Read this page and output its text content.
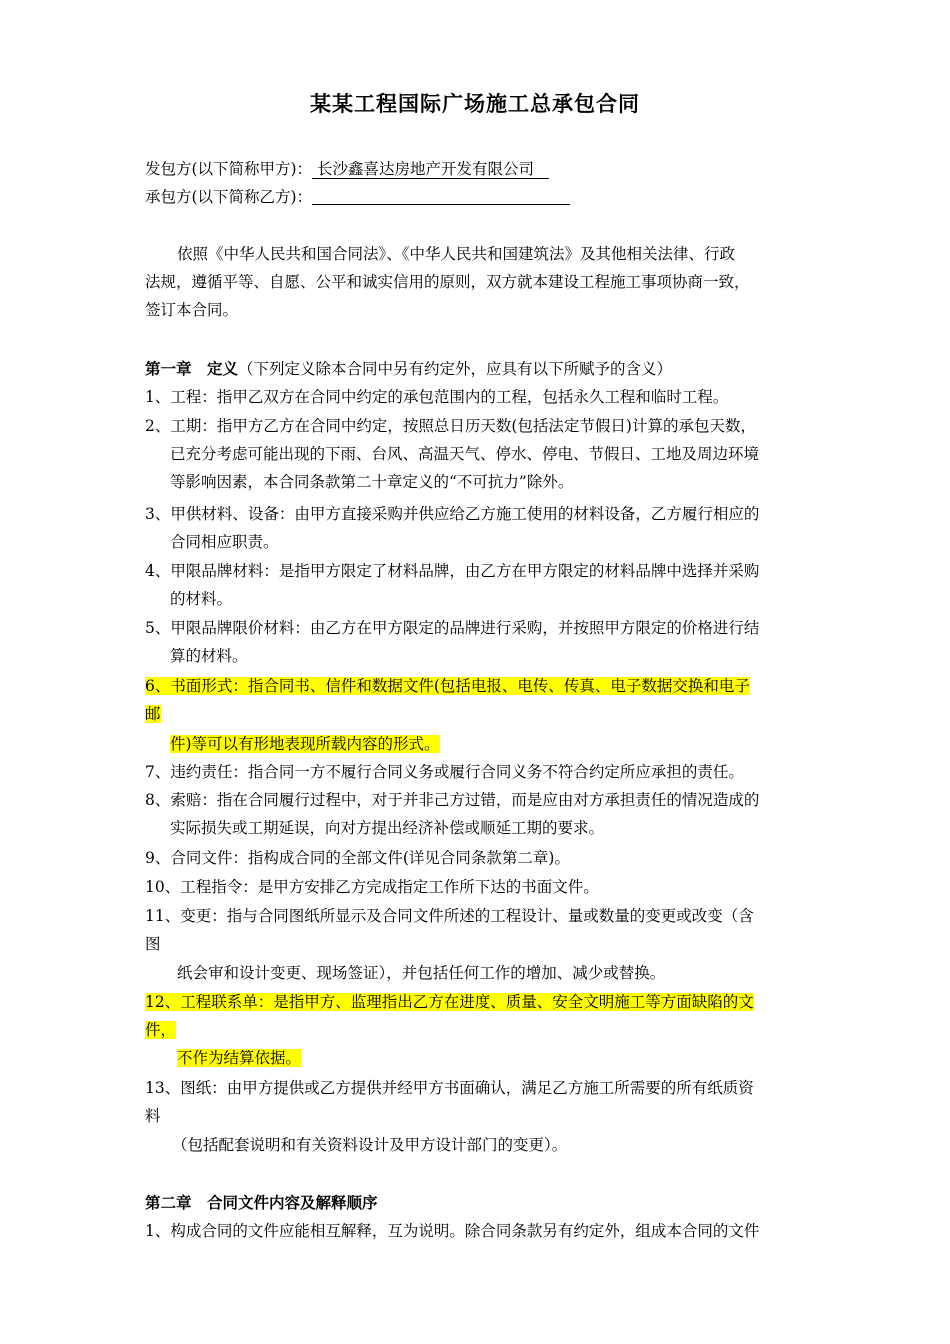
某某工程国际广场施工总承包合同
发包方(以下简称甲方)： 长沙鑫喜达房地产开发有限公司
承包方(以下简称乙方)：
依照《中华人民共和国合同法》、《中华人民共和国建筑法》及其他相关法律、行政
法规，遵循平等、自愿、公平和诚实信用的原则，双方就本建设工程施工事项协商一致，
签订本合同。
第一章　定义（下列定义除本合同中另有约定外，应具有以下所赋予的含义）
1、工程：指甲乙双方在合同中约定的承包范围内的工程，包括永久工程和临时工程。
2、工期：指甲方乙方在合同中约定，按照总日历天数(包括法定节假日)计算的承包天数，
已充分考虑可能出现的下雨、台风、高温天气、停水、停电、节假日、工地及周边环境
等影响因素，本合同条款第二十章定义的“不可抗力”除外。
3、甲供材料、设备：由甲方直接采购并供应给乙方施工使用的材料设备，乙方履行相应的
合同相应职责。
4、甲限品牌材料：是指甲方限定了材料品牌，由乙方在甲方限定的材料品牌中选择并采购
的材料。
5、甲限品牌限价材料：由乙方在甲方限定的品牌进行采购，并按照甲方限定的价格进行结
算的材料。
6、书面形式：指合同书、信件和数据文件(包括电报、电传、传真、电子数据交换和电子
邮
件)等可以有形地表现所载内容的形式。
7、违约责任：指合同一方不履行合同义务或履行合同义务不符合约定所应承担的责任。
8、索赔：指在合同履行过程中，对于并非己方过错，而是应由对方承担责任的情况造成的
实际损失或工期延误，向对方提出经济补偿或顺延工期的要求。
9、合同文件：指构成合同的全部文件(详见合同条款第二章)。
10、工程指令：是甲方安排乙方完成指定工作所下达的书面文件。
11、变更：指与合同图纸所显示及合同文件所述的工程设计、量或数量的变更或改变（含
图
纸会审和设计变更、现场签证），并包括任何工作的增加、减少或替换。
12、工程联系单：是指甲方、监理指出乙方在进度、质量、安全文明施工等方面缺陷的文
件，
不作为结算依据。
13、图纸：由甲方提供或乙方提供并经甲方书面确认，满足乙方施工所需要的所有纸质资
料
（包括配套说明和有关资料设计及甲方设计部门的变更）。
第二章　合同文件内容及解释顺序
1、构成合同的文件应能相互解释，互为说明。除合同条款另有约定外，组成本合同的文件
